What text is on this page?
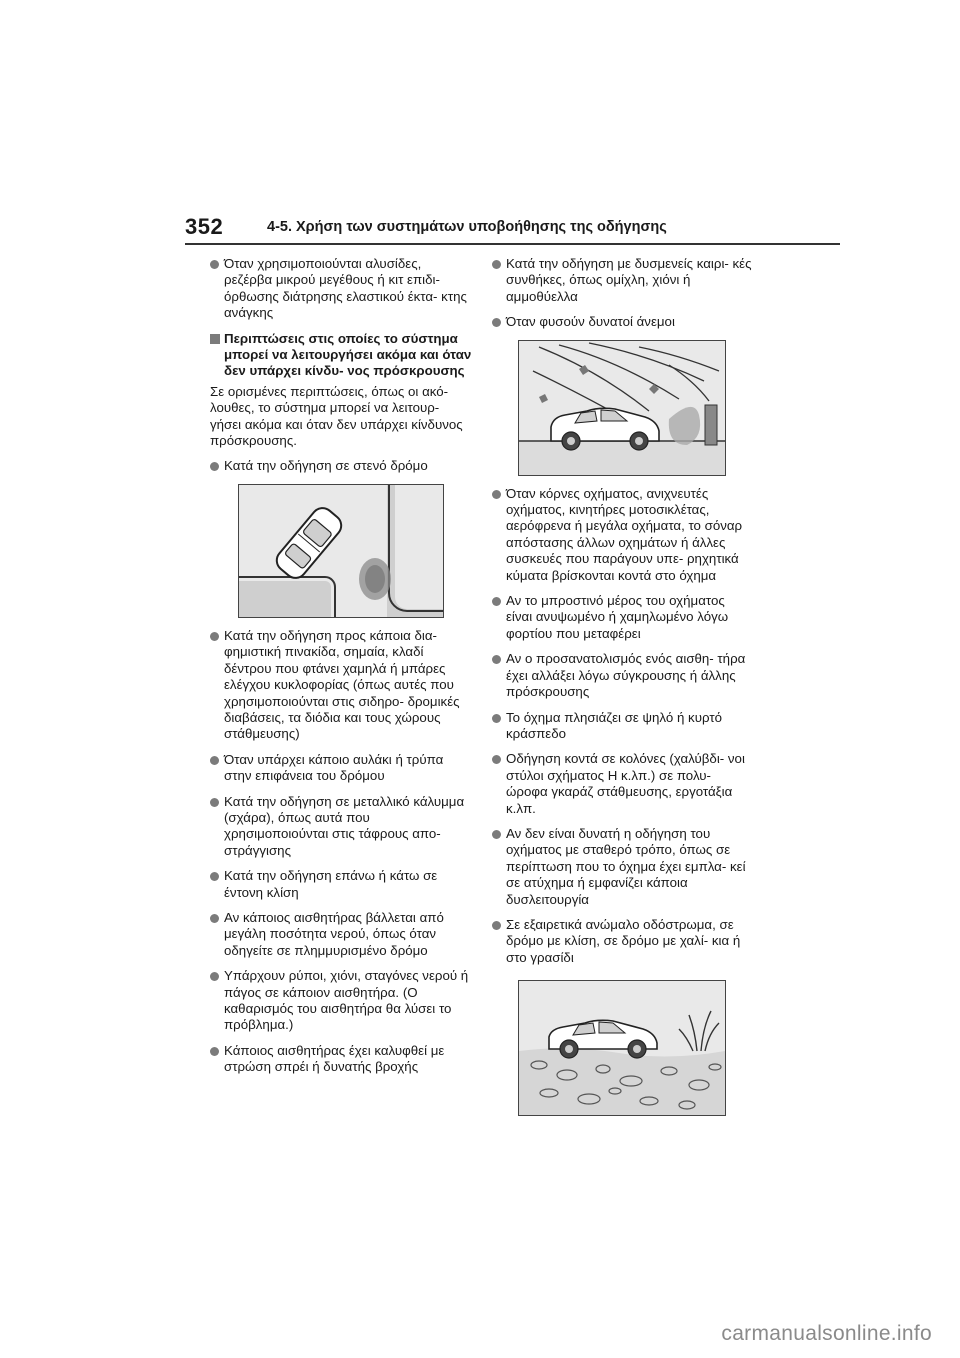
352	4-5. Χρήση των συστημάτων υποβοήθησης της οδήγησης
Όταν χρησιμοποιούνται αλυσίδες, ρεζέρβα μικρού μεγέθους ή κιτ επιδι- όρθωσης διάτρησης ελαστικού έκτα- κτης ανάγκης
Περιπτώσεις στις οποίες το σύστημα μπορεί να λειτουργήσει ακόμα και όταν δεν υπάρχει κίνδυ- νος πρόσκρουσης
Σε ορισμένες περιπτώσεις, όπως οι ακό- λουθες, το σύστημα μπορεί να λειτουρ- γήσει ακόμα και όταν δεν υπάρχει κίνδυνος πρόσκρουσης.
Κατά την οδήγηση σε στενό δρόμο
Κατά την οδήγηση προς κάποια δια- φημιστική πινακίδα, σημαία, κλαδί δέντρου που φτάνει χαμηλά ή μπάρες ελέγχου κυκλοφορίας (όπως αυτές που χρησιμοποιούνται στις σιδηρο- δρομικές διαβάσεις, τα διόδια και τους χώρους στάθμευσης)
Όταν υπάρχει κάποιο αυλάκι ή τρύπα στην επιφάνεια του δρόμου
Κατά την οδήγηση σε μεταλλικό κάλυμμα (σχάρα), όπως αυτά που χρησιμοποιούνται στις τάφρους απο- στράγγισης
Κατά την οδήγηση επάνω ή κάτω σε έντονη κλίση
Αν κάποιος αισθητήρας βάλλεται από μεγάλη ποσότητα νερού, όπως όταν οδηγείτε σε πλημμυρισμένο δρόμο
Υπάρχουν ρύποι, χιόνι, σταγόνες νερού ή πάγος σε κάποιον αισθητήρα. (Ο καθαρισμός του αισθητήρα θα λύσει το πρόβλημα.)
Κάποιος αισθητήρας έχει καλυφθεί με στρώση σπρέι ή δυνατής βροχής
Κατά την οδήγηση με δυσμενείς καιρι- κές συνθήκες, όπως ομίχλη, χιόνι ή αμμοθύελλα
Όταν φυσούν δυνατοί άνεμοι
Όταν κόρνες οχήματος, ανιχνευτές οχήματος, κινητήρες μοτοσικλέτας, αερόφρενα ή μεγάλα οχήματα, το σόναρ απόστασης άλλων οχημάτων ή άλλες συσκευές που παράγουν υπε- ρηχητικά κύματα βρίσκονται κοντά στο όχημα
Αν το μπροστινό μέρος του οχήματος είναι ανυψωμένο ή χαμηλωμένο λόγω φορτίου που μεταφέρει
Αν ο προσανατολισμός ενός αισθη- τήρα έχει αλλάξει λόγω σύγκρουσης ή άλλης πρόσκρουσης
Το όχημα πλησιάζει σε ψηλό ή κυρτό κράσπεδο
Οδήγηση κοντά σε κολόνες (χαλύβδι- νοι στύλοι σχήματος Η κ.λπ.) σε πολυ- ώροφα γκαράζ στάθμευσης, εργοτάξια κ.λπ.
Αν δεν είναι δυνατή η οδήγηση του οχήματος με σταθερό τρόπο, όπως σε περίπτωση που το όχημα έχει εμπλα- κεί σε ατύχημα ή εμφανίζει κάποια δυσλειτουργία
Σε εξαιρετικά ανώμαλο οδόστρωμα, σε δρόμο με κλίση, σε δρόμο με χαλί- κια ή στο γρασίδι
carmanualsonline.info
